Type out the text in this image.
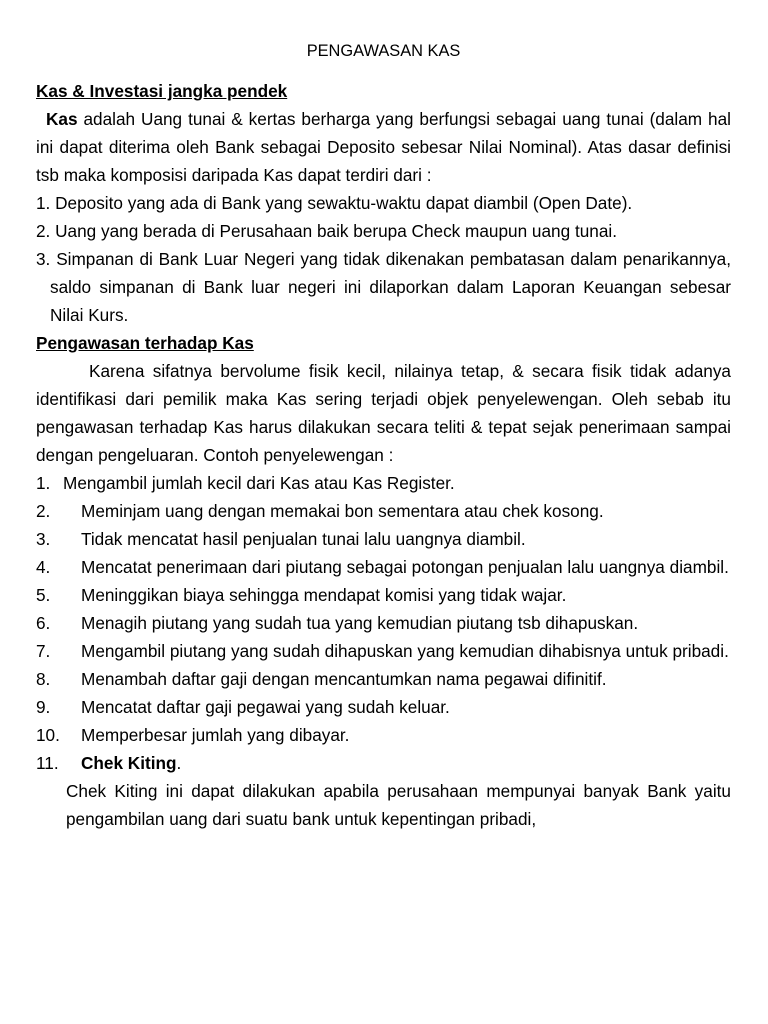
PENGAWASAN KAS
Kas & Investasi jangka pendek

Kas adalah Uang tunai & kertas berharga yang berfungsi sebagai uang tunai (dalam hal ini dapat diterima oleh Bank sebagai Deposito sebesar Nilai Nominal). Atas dasar definisi tsb maka komposisi daripada Kas dapat terdiri dari :

1. Deposito yang ada di Bank yang sewaktu-waktu dapat diambil (Open Date).
2. Uang yang berada di Perusahaan baik berupa Check maupun uang tunai.
3. Simpanan di Bank Luar Negeri yang tidak dikenakan pembatasan dalam penarikannya, saldo simpanan di Bank luar negeri ini dilaporkan dalam Laporan Keuangan sebesar Nilai Kurs.
Pengawasan terhadap Kas

Karena sifatnya bervolume fisik kecil, nilainya tetap, & secara fisik tidak adanya identifikasi dari pemilik maka Kas sering terjadi objek penyelewengan. Oleh sebab itu pengawasan terhadap Kas harus dilakukan secara teliti & tepat sejak penerimaan sampai dengan pengeluaran. Contoh penyelewengan :

1. Mengambil jumlah kecil dari Kas atau Kas Register.
2. Meminjam uang dengan memakai bon sementara atau chek kosong.
3. Tidak mencatat hasil penjualan tunai lalu uangnya diambil.
4. Mencatat penerimaan dari piutang sebagai potongan penjualan lalu uangnya diambil.
5. Meninggikan biaya sehingga mendapat komisi yang tidak wajar.
6. Menagih piutang yang sudah tua yang kemudian piutang tsb dihapuskan.
7. Mengambil piutang yang sudah dihapuskan yang kemudian dihabisnya untuk pribadi.
8. Menambah daftar gaji dengan mencantumkan nama pegawai difinitif.
9. Mencatat daftar gaji pegawai yang sudah keluar.
10. Memperbesar jumlah yang dibayar.
11. Chek Kiting.

Chek Kiting ini dapat dilakukan apabila perusahaan mempunyai banyak Bank yaitu pengambilan uang dari suatu bank untuk kepentingan pribadi,
